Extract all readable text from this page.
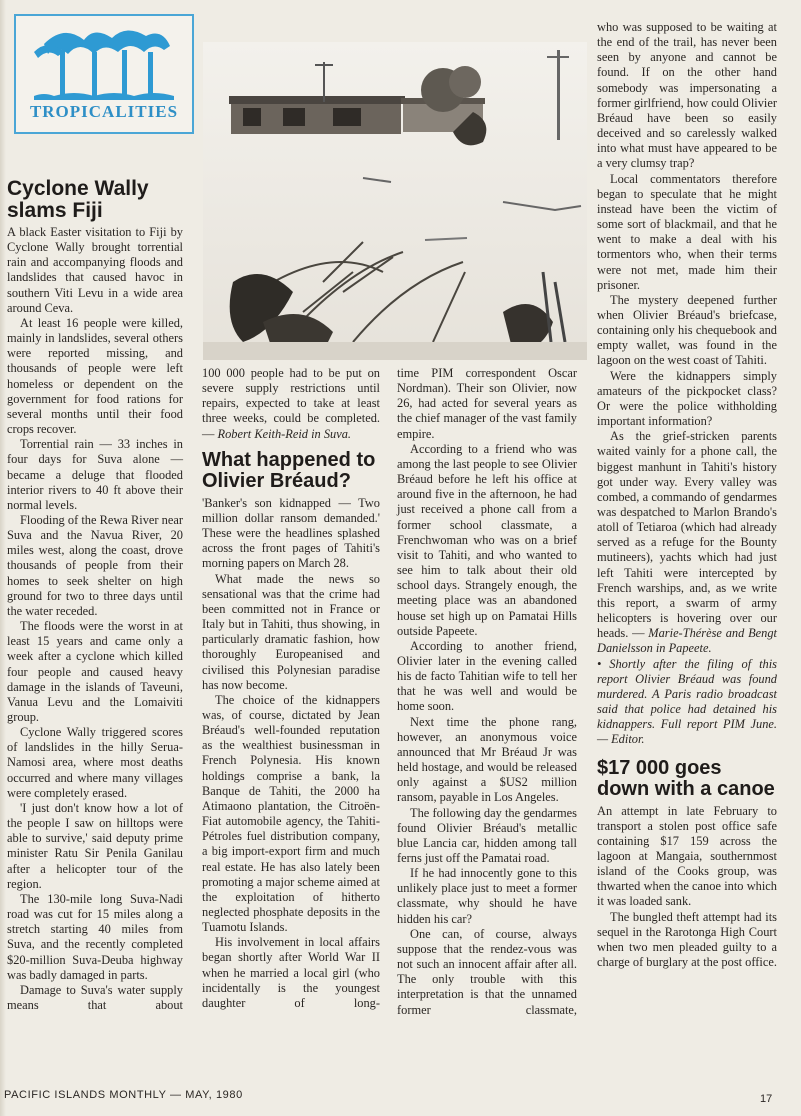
TROPICALITIES
Cyclone Wally slams Fiji

A black Easter visitation to Fiji by Cyclone Wally brought torrential rain and accompanying floods and landslides that caused havoc in southern Viti Levu in a wide area around Ceva.

At least 16 people were killed, mainly in landslides, several others were reported missing, and thousands of people were left homeless or dependent on the government for food rations for several months until their food crops recover.

Torrential rain — 33 inches in four days for Suva alone — became a deluge that flooded interior rivers to 40 ft above their normal levels.

Flooding of the Rewa River near Suva and the Navua River, 20 miles west, along the coast, drove thousands of people from their homes to seek shelter on high ground for two to three days until the water receded.

The floods were the worst in at least 15 years and came only a week after a cyclone which killed four people and caused heavy damage in the islands of Taveuni, Vanua Levu and the Lomaiviti group.

Cyclone Wally triggered scores of landslides in the hilly Serua-Namosi area, where most deaths occurred and where many villages were completely erased.

'I just don't know how a lot of the people I saw on hilltops were able to survive,' said deputy prime minister Ratu Sir Penila Ganilau after a helicopter tour of the region.

The 130-mile long Suva-Nadi road was cut for 15 miles along a stretch starting 40 miles from Suva, and the recently completed $20-million Suva-Deuba highway was badly damaged in parts.

Damage to Suva's water supply means that about

100 000 people had to be put on severe supply restrictions until repairs, expected to take at least three weeks, could be completed. — Robert Keith-Reid in Suva.

What happened to Olivier Bréaud?

'Banker's son kidnapped — Two million dollar ransom demanded.' These were the headlines splashed across the front pages of Tahiti's morning papers on March 28.

What made the news so sensational was that the crime had been committed not in France or Italy but in Tahiti, thus showing, in particularly dramatic fashion, how thoroughly Europeanised and civilised this Polynesian paradise has now become.

The choice of the kidnappers was, of course, dictated by Jean Bréaud's well-founded reputation as the wealthiest businessman in French Polynesia. His known holdings comprise a bank, la Banque de Tahiti, the 2000 ha Atimaono plantation, the Citroën-Fiat automobile agency, the Tahiti-Pétroles fuel distribution company, a big import-export firm and much real estate. He has also lately been promoting a major scheme aimed at the exploitation of hitherto neglected phosphate deposits in the Tuamotu Islands.

His involvement in local affairs began shortly after World War II when he married a local girl (who incidentally is the youngest daughter of long-

time PIM correspondent Oscar Nordman). Their son Olivier, now 26, had acted for several years as the chief manager of the vast family empire.

According to a friend who was among the last people to see Olivier Bréaud before he left his office at around five in the afternoon, he had just received a phone call from a former school classmate, a Frenchwoman who was on a brief visit to Tahiti, and who wanted to see him to talk about their old school days. Strangely enough, the meeting place was an abandoned house set high up on Pamatai Hills outside Papeete.

According to another friend, Olivier later in the evening called his de facto Tahitian wife to tell her that he was well and would be home soon.

Next time the phone rang, however, an anonymous voice announced that Mr Bréaud Jr was held hostage, and would be released only against a $US2 million ransom, payable in Los Angeles.

The following day the gendarmes found Olivier Bréaud's metallic blue Lancia car, hidden among tall ferns just off the Pamatai road.

If he had innocently gone to this unlikely place just to meet a former classmate, why should he have hidden his car?

One can, of course, always suppose that the rendez-vous was not such an innocent affair after all. The only trouble with this interpretation is that the unnamed former classmate,

who was supposed to be waiting at the end of the trail, has never been seen by anyone and cannot be found. If on the other hand somebody was impersonating a former girlfriend, how could Olivier Bréaud have been so easily deceived and so carelessly walked into what must have appeared to be a very clumsy trap?

Local commentators therefore began to speculate that he might instead have been the victim of some sort of blackmail, and that he went to make a deal with his tormentors who, when their terms were not met, made him their prisoner.

The mystery deepened further when Olivier Bréaud's briefcase, containing only his chequebook and empty wallet, was found in the lagoon on the west coast of Tahiti.

Were the kidnappers simply amateurs of the pickpocket class? Or were the police withholding important information?

As the grief-stricken parents waited vainly for a phone call, the biggest manhunt in Tahiti's history got under way. Every valley was combed, a commando of gendarmes was despatched to Marlon Brando's atoll of Tetiaroa (which had already served as a refuge for the Bounty mutineers), yachts which had just left Tahiti were intercepted by French warships, and, as we write this report, a swarm of army helicopters is hovering over our heads. — Marie-Thérèse and Bengt Danielsson in Papeete.

• Shortly after the filing of this report Olivier Bréaud was found murdered. A Paris radio broadcast said that police had detained his kidnappers. Full report PIM June. — Editor.

$17 000 goes down with a canoe

An attempt in late February to transport a stolen post office safe containing $17 159 across the lagoon at Mangaia, southernmost island of the Cooks group, was thwarted when the canoe into which it was loaded sank.

The bungled theft attempt had its sequel in the Rarotonga High Court when two men pleaded guilty to a charge of burglary at the post office.

PACIFIC ISLANDS MONTHLY — MAY, 1980	17
